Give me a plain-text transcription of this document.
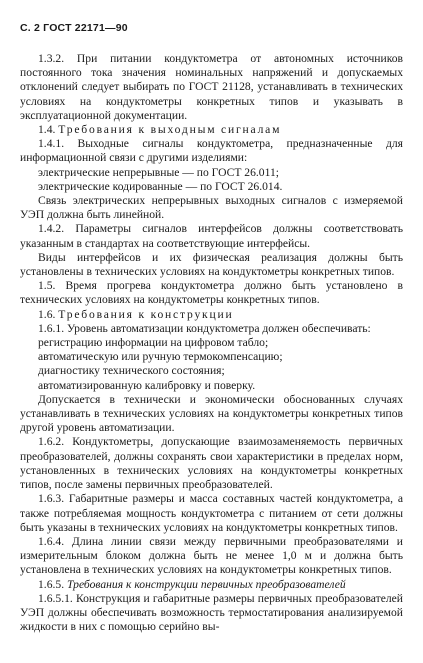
С. 2 ГОСТ 22171—90

1.3.2. При питании кондуктометра от автономных источников постоянного тока значения номинальных напряжений и допускаемых отклонений следует выбирать по ГОСТ 21128, устанавливать в технических условиях на кондуктометры конкретных типов и указывать в эксплуатационной документации.

1.4. Требования к выходным сигналам

1.4.1. Выходные сигналы кондуктометра, предназначенные для информационной связи с другими изделиями:

электрические непрерывные — по ГОСТ 26.011;

электрические кодированные — по ГОСТ 26.014.

Связь электрических непрерывных выходных сигналов с измеряемой УЭП должна быть линейной.

1.4.2. Параметры сигналов интерфейсов должны соответствовать указанным в стандартах на соответствующие интерфейсы.

Виды интерфейсов и их физическая реализация должны быть установлены в технических условиях на кондуктометры конкретных типов.

1.5. Время прогрева кондуктометра должно быть установлено в технических условиях на кондуктометры конкретных типов.

1.6. Требования к конструкции

1.6.1. Уровень автоматизации кондуктометра должен обеспечивать:

регистрацию информации на цифровом табло;

автоматическую или ручную термокомпенсацию;

диагностику технического состояния;

автоматизированную калибровку и поверку.

Допускается в технически и экономически обоснованных случаях устанавливать в технических условиях на кондуктометры конкретных типов другой уровень автоматизации.

1.6.2. Кондуктометры, допускающие взаимозаменяемость первичных преобразователей, должны сохранять свои характеристики в пределах норм, установленных в технических условиях на кондуктометры конкретных типов, после замены первичных преобразователей.

1.6.3. Габаритные размеры и масса составных частей кондуктометра, а также потребляемая мощность кондуктометра с питанием от сети должны быть указаны в технических условиях на кондуктометры конкретных типов.

1.6.4. Длина линии связи между первичными преобразователями и измерительным блоком должна быть не менее 1,0 м и должна быть установлена в технических условиях на кондуктометры конкретных типов.

1.6.5. Требования к конструкции первичных преобразователей

1.6.5.1. Конструкция и габаритные размеры первичных преобразователей УЭП должны обеспечивать возможность термостатирования анализируемой жидкости в них с помощью серийно вы-
